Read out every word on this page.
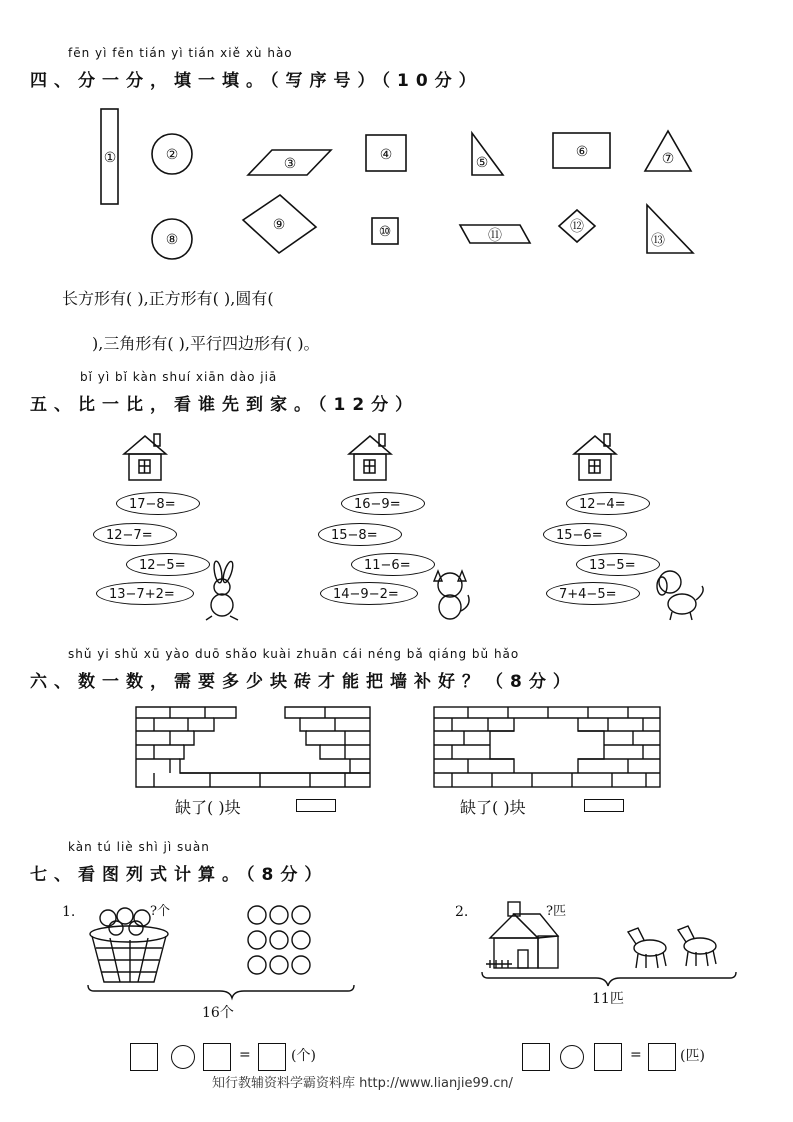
fēn yì fēn tián yì tián xiě xù hào
四、分一分，填一填。（写序号）（10分）
①	②
③
④	⑤
⑥	⑦
⑧
⑨	⑩	⑪
⑫
⑬
长方形有( ),正方形有( ),圆有(
),三角形有( ),平行四边形有( )。
bǐ yì bǐ kàn shuí xiān dào jiā
五、比一比，看谁先到家。（12分）
17−8=
12−7=
12−5=
13−7+2=
16−9=
15−8=
11−6=
14−9−2=
12−4=
15−6=
13−5=
7+4−5=
shǔ yi shǔ xū yào duō shǎo kuài zhuān cái néng bǎ qiáng bǔ hǎo
六、数一数，需要多少块砖才能把墙补好？（8分）
缺了( )块	缺了( )块
kàn tú liè shì jì suàn
七、看图列式计算。（8分）
1.	?个
16个
=	(个)
2.	?匹
11匹
=	(匹)
知行教辅资料学霸资料库 http://www.lianjie99.cn/
